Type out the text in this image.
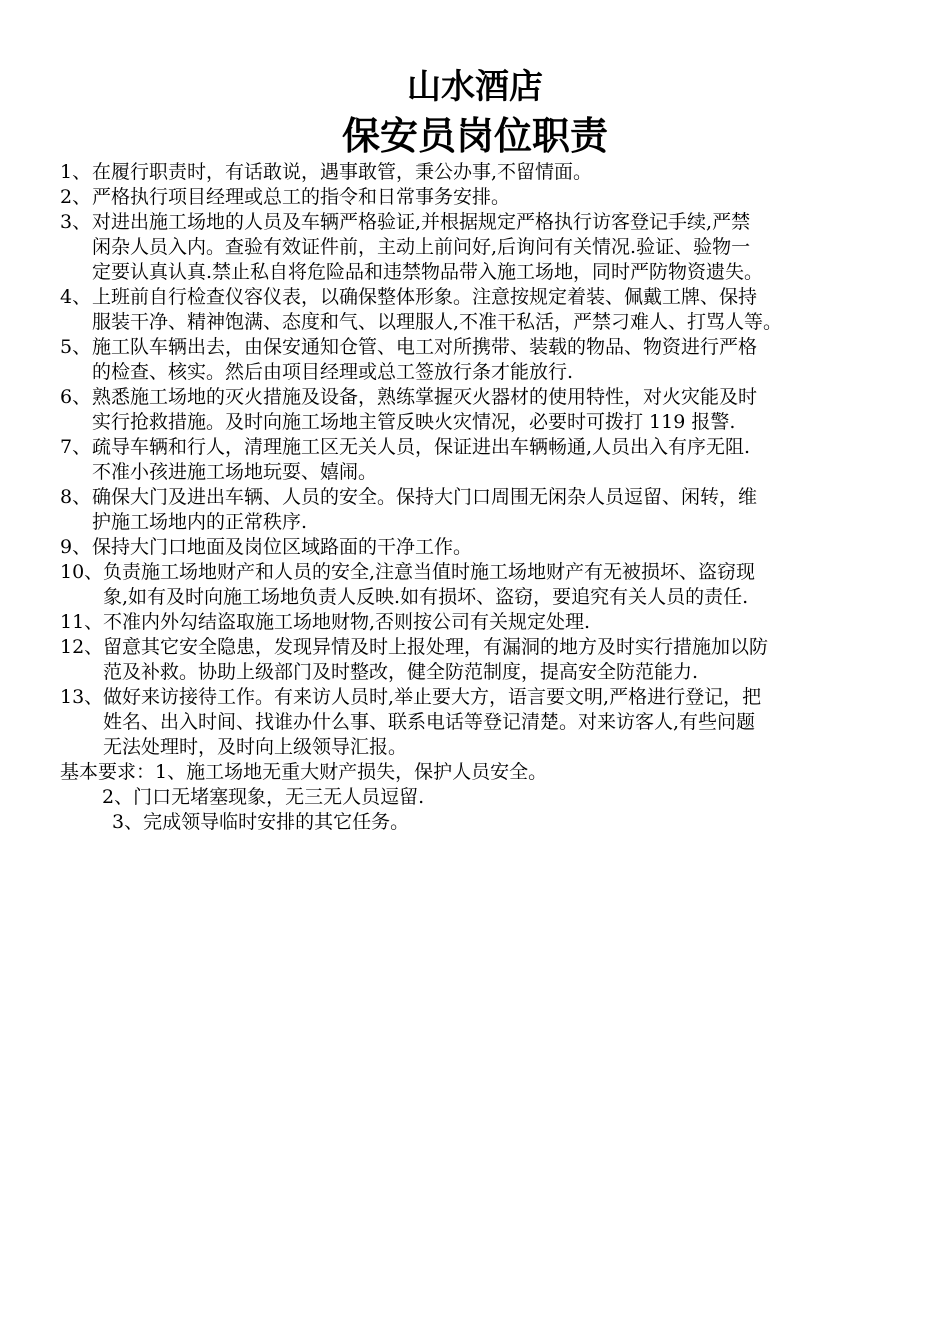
山水酒店
保安员岗位职责
1、 在履行职责时，有话敢说，遇事敢管，秉公办事,不留情面。
2、 严格执行项目经理或总工的指令和日常事务安排。
3、 对进出施工场地的人员及车辆严格验证,并根据规定严格执行访客登记手续,严禁
闲杂人员入内。查验有效证件前，主动上前问好,后询问有关情况.验证、验物一
定要认真认真.禁止私自将危险品和违禁物品带入施工场地，同时严防物资遗失。
4、 上班前自行检查仪容仪表，以确保整体形象。注意按规定着装、佩戴工牌、保持
服装干净、精神饱满、态度和气、以理服人,不准干私活，严禁刁难人、打骂人等。
5、 施工队车辆出去，由保安通知仓管、电工对所携带、装载的物品、物资进行严格
的检查、核实。然后由项目经理或总工签放行条才能放行.
6、 熟悉施工场地的灭火措施及设备，熟练掌握灭火器材的使用特性，对火灾能及时
实行抢救措施。及时向施工场地主管反映火灾情况，必要时可拨打 119 报警.
7、 疏导车辆和行人，清理施工区无关人员，保证进出车辆畅通,人员出入有序无阻.
不准小孩进施工场地玩耍、嬉闹。
8、 确保大门及进出车辆、人员的安全。保持大门口周围无闲杂人员逗留、闲转，维
护施工场地内的正常秩序.
9、 保持大门口地面及岗位区域路面的干净工作。
10、 负责施工场地财产和人员的安全,注意当值时施工场地财产有无被损坏、盗窃现
象,如有及时向施工场地负责人反映.如有损坏、盗窃，要追究有关人员的责任.
11、 不准内外勾结盗取施工场地财物,否则按公司有关规定处理.
12、 留意其它安全隐患，发现异情及时上报处理，有漏洞的地方及时实行措施加以防
范及补救。协助上级部门及时整改，健全防范制度，提高安全防范能力.
13、 做好来访接待工作。有来访人员时,举止要大方，语言要文明,严格进行登记，把
姓名、出入时间、找谁办什么事、联系电话等登记清楚。对来访客人,有些问题
无法处理时，及时向上级领导汇报。
基本要求：1、施工场地无重大财产损失，保护人员安全。
2、门口无堵塞现象，无三无人员逗留.
3、完成领导临时安排的其它任务。
